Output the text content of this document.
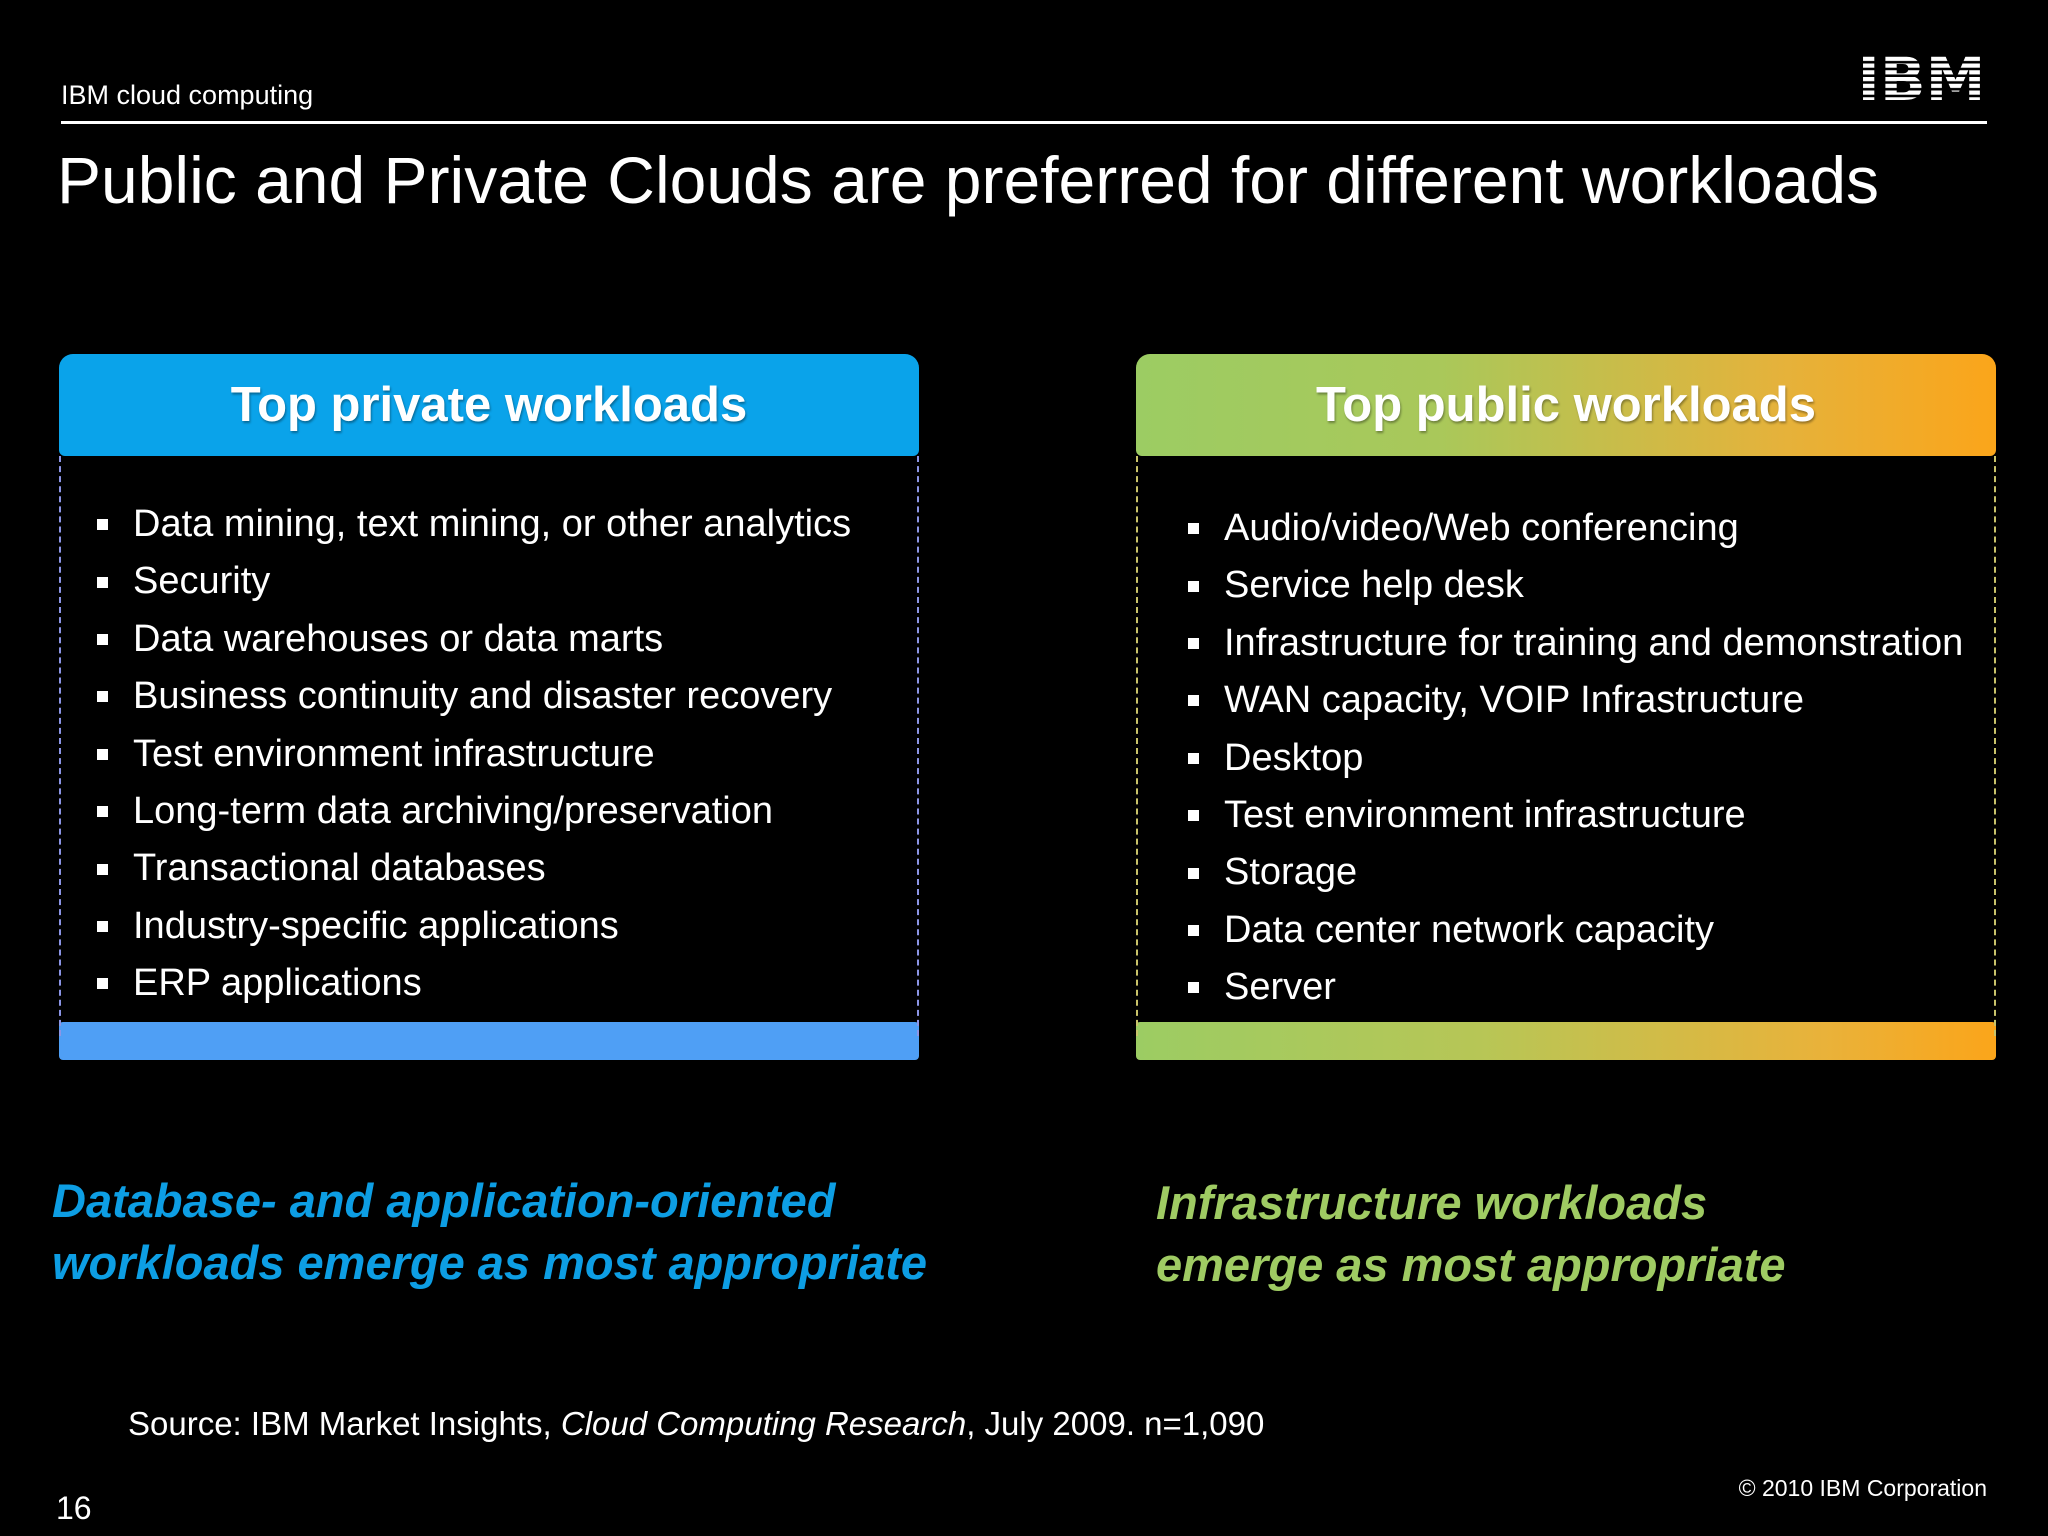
IBM cloud computing
Public and Private Clouds are preferred for different workloads
Top private workloads
Data mining, text mining, or other analytics
Security
Data warehouses or data marts
Business continuity and disaster recovery
Test environment infrastructure
Long-term data archiving/preservation
Transactional databases
Industry-specific applications
ERP applications
Top public workloads
Audio/video/Web conferencing
Service help desk
Infrastructure for training and demonstration
WAN capacity, VOIP Infrastructure
Desktop
Test environment infrastructure
Storage
Data center network capacity
Server
Database- and application-oriented
workloads emerge as most appropriate
Infrastructure workloads
emerge as most appropriate
Source: IBM Market Insights, Cloud Computing Research, July 2009. n=1,090
16
© 2010 IBM Corporation
